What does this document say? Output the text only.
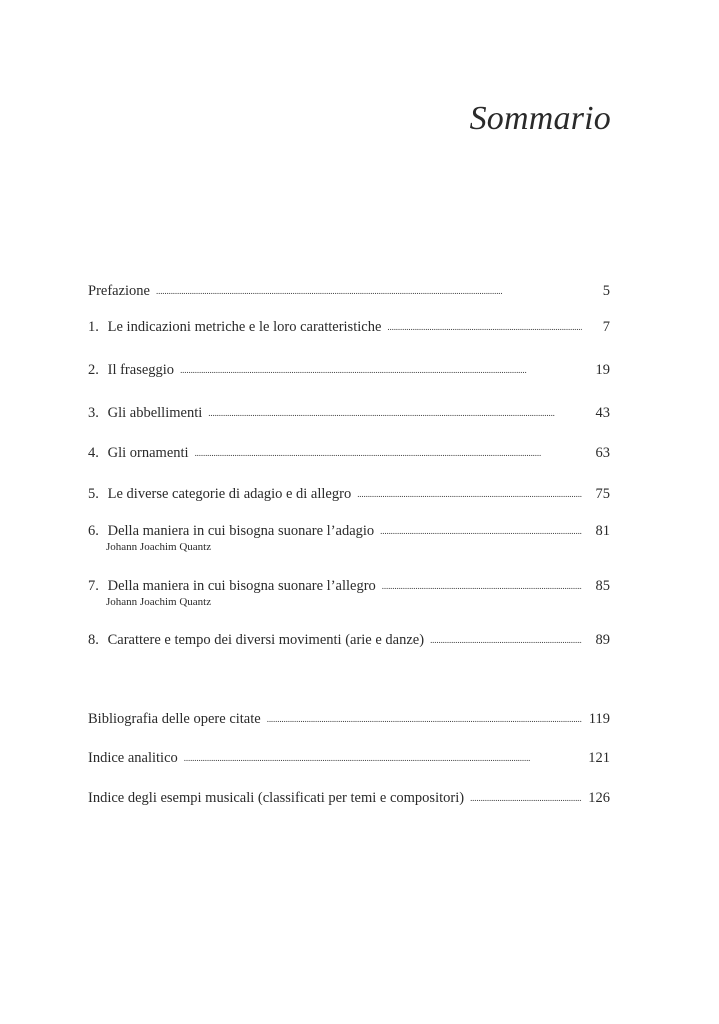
Sommario
Prefazione . . .	5
1. Le indicazioni metriche e le loro caratteristiche . . .	7
2. Il fraseggio . . .	19
3. Gli abbellimenti . . .	43
4. Gli ornamenti . . .	63
5. Le diverse categorie di adagio e di allegro . . .	75
6. Della maniera in cui bisogna suonare l’adagio . . .	81
Johann Joachim Quantz
7. Della maniera in cui bisogna suonare l’allegro . . .	85
Johann Joachim Quantz
8. Carattere e tempo dei diversi movimenti (arie e danze) . . .	89
Bibliografia delle opere citate . . .	119
Indice analitico . . .	121
Indice degli esempi musicali (classificati per temi e compositori) . . .	126
